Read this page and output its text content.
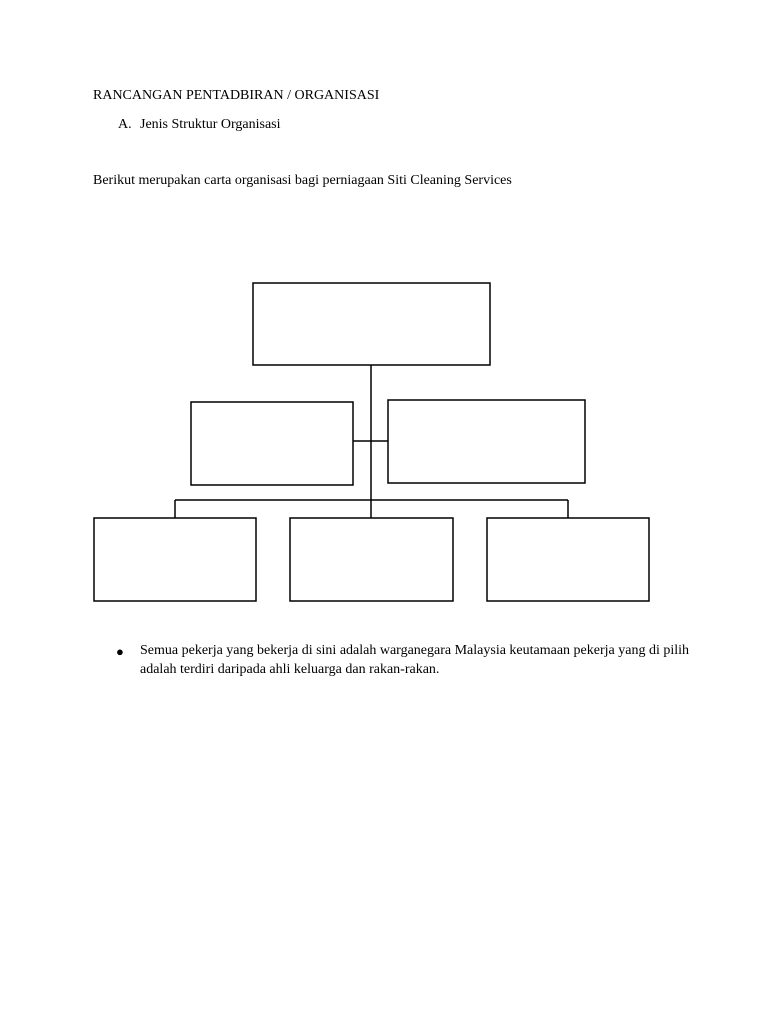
RANCANGAN PENTADBIRAN / ORGANISASI
A. Jenis Struktur Organisasi
Berikut merupakan carta organisasi bagi perniagaan Siti Cleaning Services
● Semua pekerja yang bekerja di sini adalah warganegara Malaysia keutamaan pekerja yang di pilih adalah terdiri daripada ahli keluarga dan rakan-rakan.
